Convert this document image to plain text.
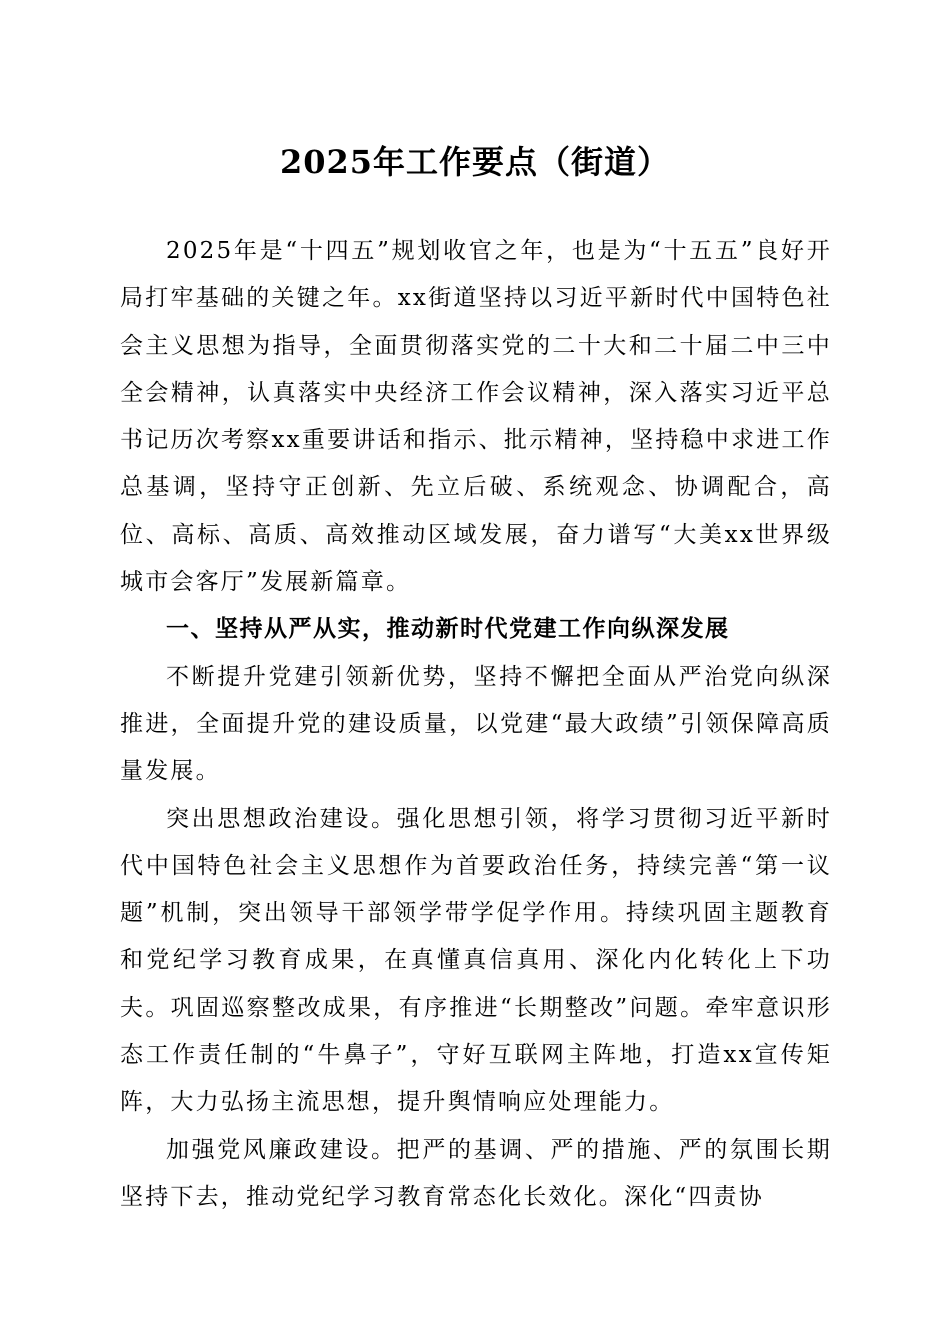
2025年工作要点（街道）

2025年是“十四五”规划收官之年，也是为“十五五”良好开局打牢基础的关键之年。xx街道坚持以习近平新时代中国特色社会主义思想为指导，全面贯彻落实党的二十大和二十届二中三中全会精神，认真落实中央经济工作会议精神，深入落实习近平总书记历次考察xx重要讲话和指示、批示精神，坚持稳中求进工作总基调，坚持守正创新、先立后破、系统观念、协调配合，高位、高标、高质、高效推动区域发展，奋力谱写“大美xx世界级城市会客厅”发展新篇章。

一、坚持从严从实，推动新时代党建工作向纵深发展

不断提升党建引领新优势，坚持不懈把全面从严治党向纵深推进，全面提升党的建设质量，以党建“最大政绩”引领保障高质量发展。

突出思想政治建设。强化思想引领，将学习贯彻习近平新时代中国特色社会主义思想作为首要政治任务，持续完善“第一议题”机制，突出领导干部领学带学促学作用。持续巩固主题教育和党纪学习教育成果，在真懂真信真用、深化内化转化上下功夫。巩固巡察整改成果，有序推进“长期整改”问题。牵牢意识形态工作责任制的“牛鼻子”，守好互联网主阵地，打造xx宣传矩阵，大力弘扬主流思想，提升舆情响应处理能力。

加强党风廉政建设。把严的基调、严的措施、严的氛围长期坚持下去，推动党纪学习教育常态化长效化。深化“四责协
